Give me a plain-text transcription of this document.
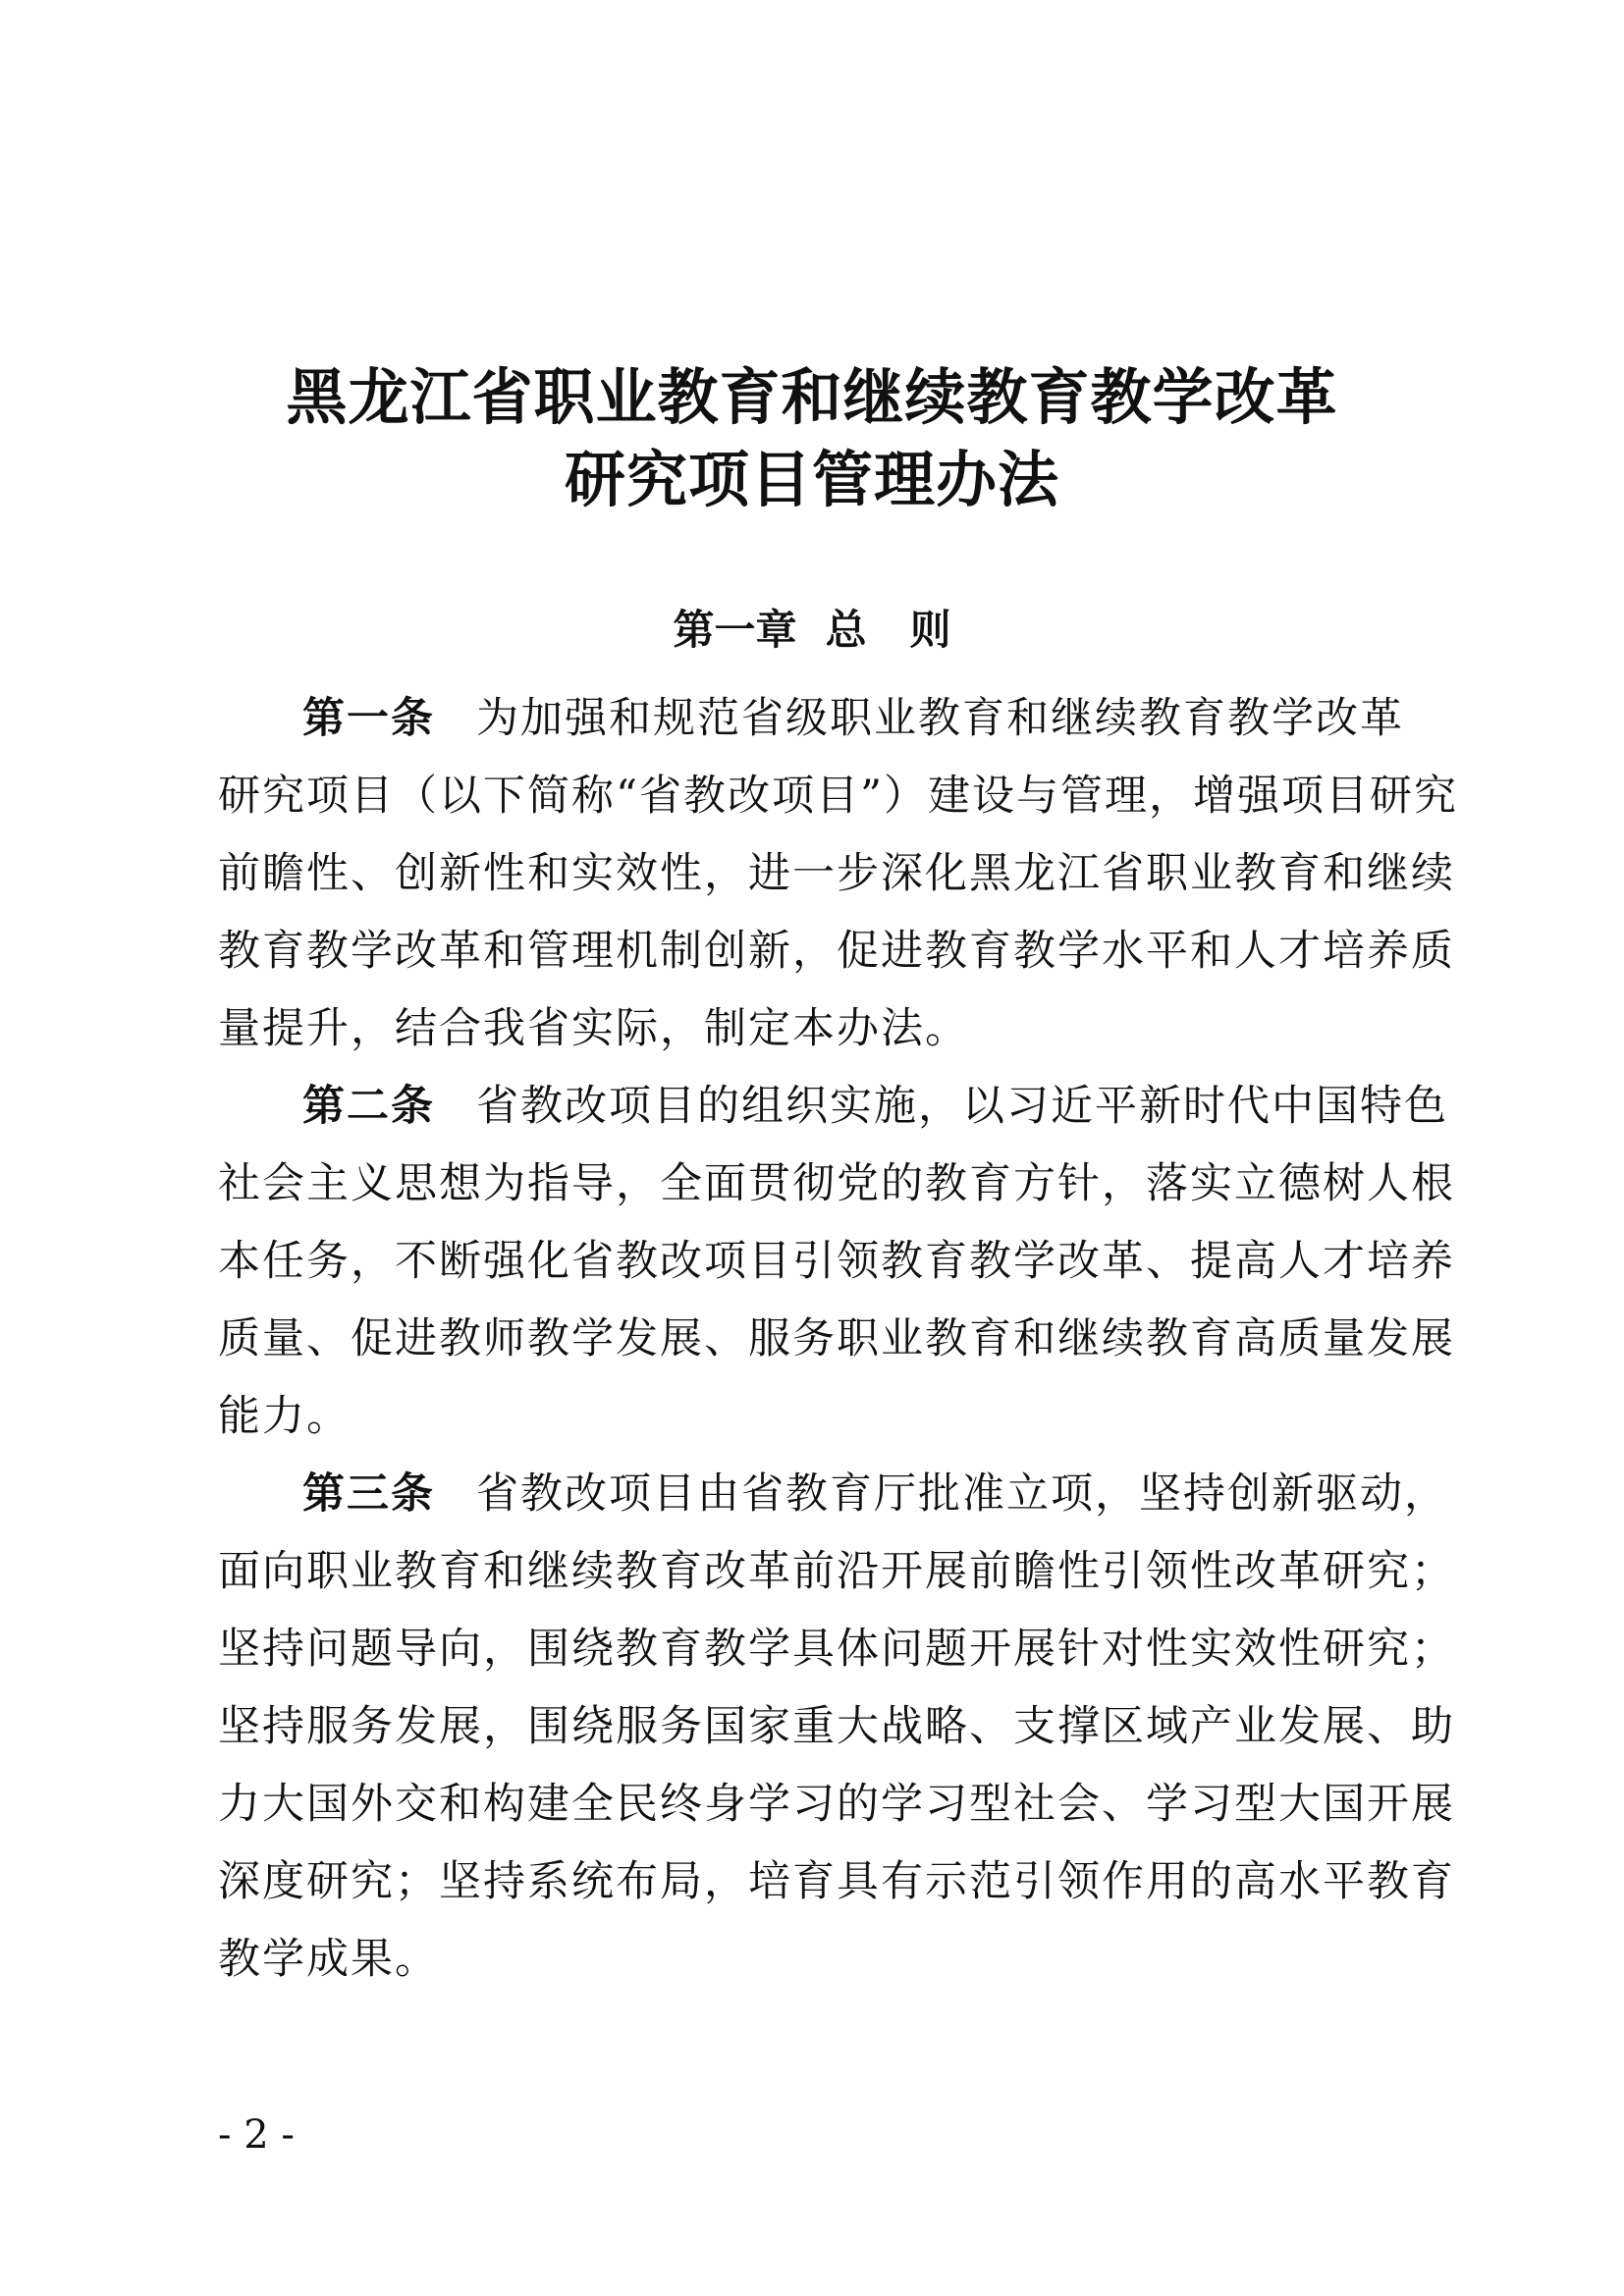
黑龙江省职业教育和继续教育教学改革
研究项目管理办法
第一章  总   则
第一条 为加强和规范省级职业教育和继续教育教学改革
研究项目（以下简称“省教改项目”）建设与管理，增强项目研究
前瞻性、创新性和实效性，进一步深化黑龙江省职业教育和继续
教育教学改革和管理机制创新，促进教育教学水平和人才培养质
量提升，结合我省实际，制定本办法。
第二条 省教改项目的组织实施，以习近平新时代中国特色
社会主义思想为指导，全面贯彻党的教育方针，落实立德树人根
本任务，不断强化省教改项目引领教育教学改革、提高人才培养
质量、促进教师教学发展、服务职业教育和继续教育高质量发展
能力。
第三条 省教改项目由省教育厅批准立项，坚持创新驱动，
面向职业教育和继续教育改革前沿开展前瞻性引领性改革研究；
坚持问题导向，围绕教育教学具体问题开展针对性实效性研究；
坚持服务发展，围绕服务国家重大战略、支撑区域产业发展、助
力大国外交和构建全民终身学习的学习型社会、学习型大国开展
深度研究；坚持系统布局，培育具有示范引领作用的高水平教育
教学成果。
- 2 -
